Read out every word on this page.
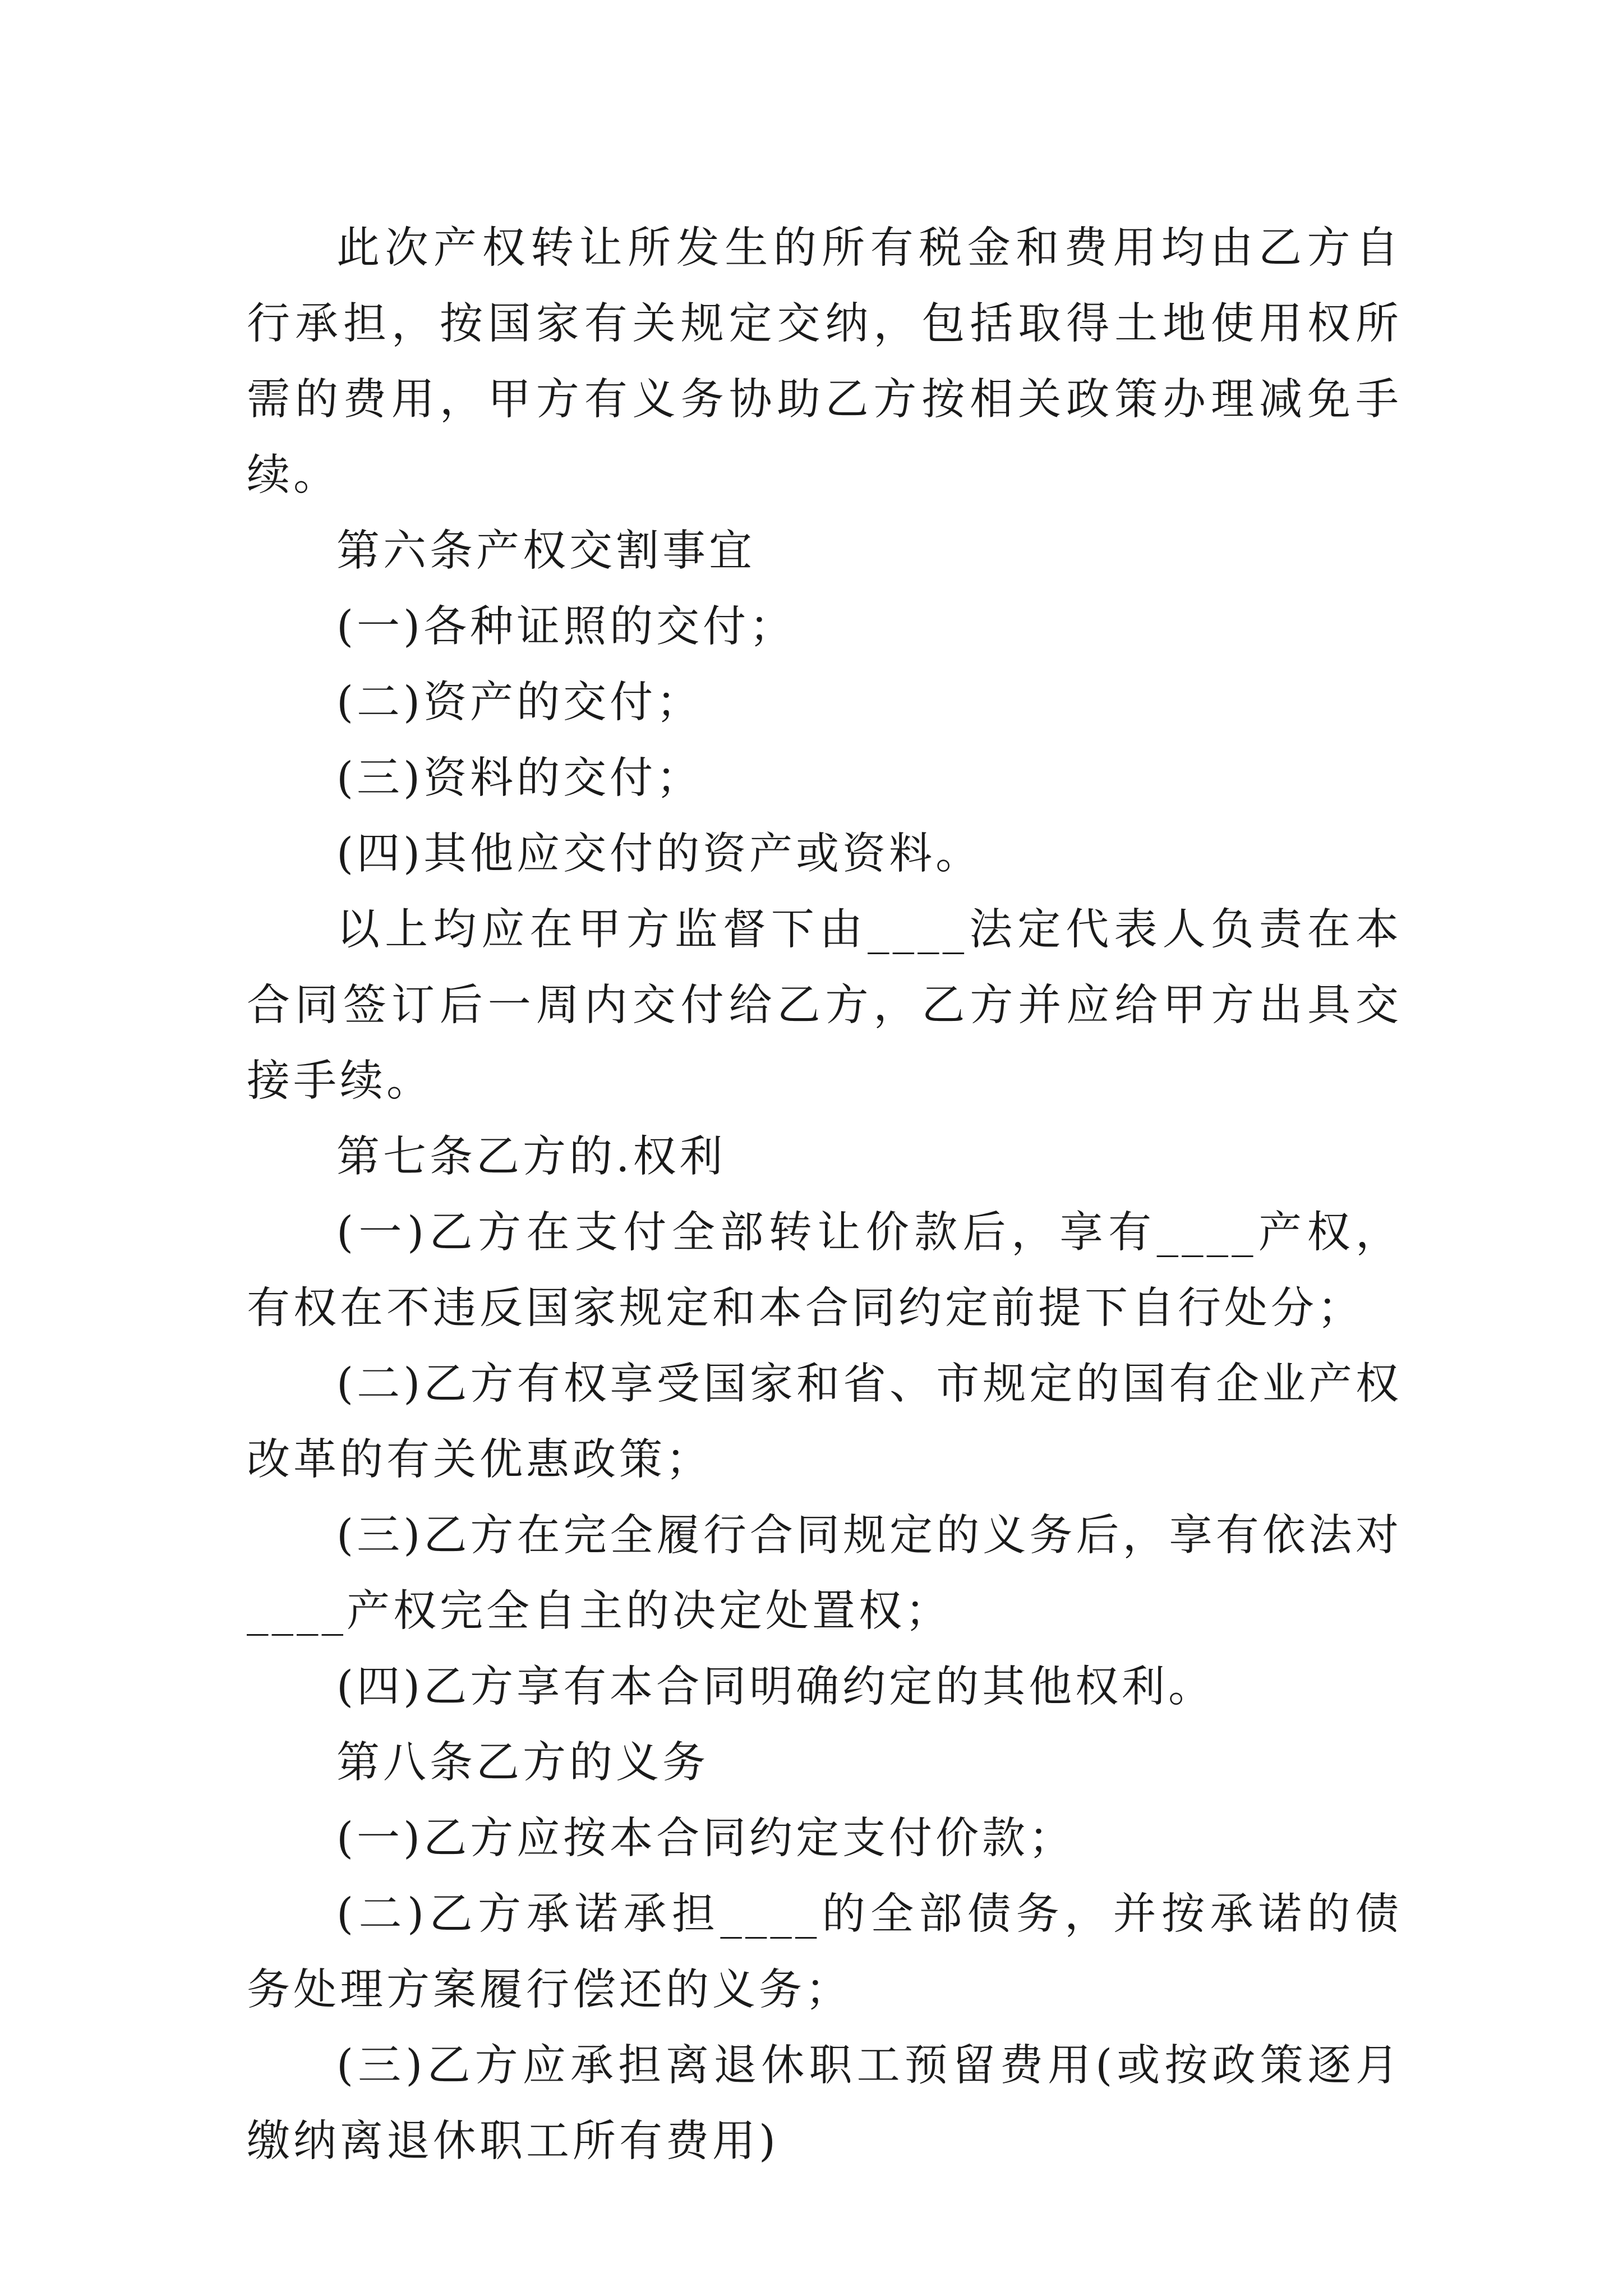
此次产权转让所发生的所有税金和费用均由乙方自行承担，按国家有关规定交纳，包括取得土地使用权所需的费用，甲方有义务协助乙方按相关政策办理减免手续。

第六条产权交割事宜

(一)各种证照的交付；

(二)资产的交付；

(三)资料的交付；

(四)其他应交付的资产或资料。

以上均应在甲方监督下由____法定代表人负责在本合同签订后一周内交付给乙方，乙方并应给甲方出具交接手续。

第七条乙方的.权利

(一)乙方在支付全部转让价款后，享有____产权，有权在不违反国家规定和本合同约定前提下自行处分；

(二)乙方有权享受国家和省、市规定的国有企业产权改革的有关优惠政策；

(三)乙方在完全履行合同规定的义务后，享有依法对____产权完全自主的决定处置权；

(四)乙方享有本合同明确约定的其他权利。

第八条乙方的义务

(一)乙方应按本合同约定支付价款；

(二)乙方承诺承担____的全部债务，并按承诺的债务处理方案履行偿还的义务；

(三)乙方应承担离退休职工预留费用(或按政策逐月缴纳离退休职工所有费用)
